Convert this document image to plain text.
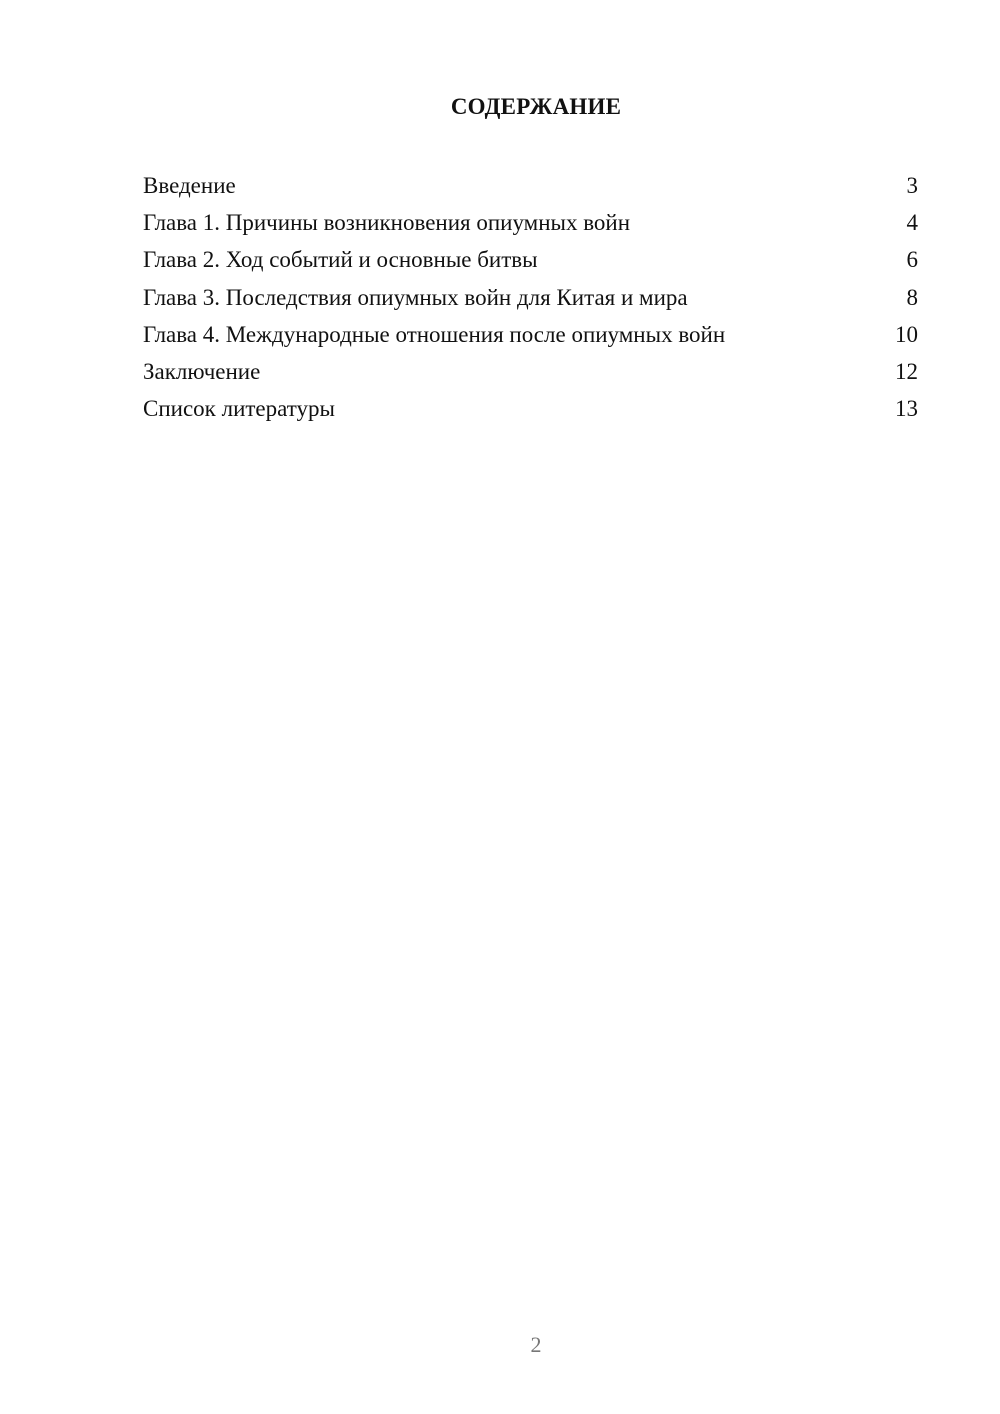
СОДЕРЖАНИЕ
Введение	3
Глава 1. Причины возникновения опиумных войн	4
Глава 2. Ход событий и основные битвы	6
Глава 3. Последствия опиумных войн для Китая и мира	8
Глава 4. Международные отношения после опиумных войн	10
Заключение	12
Список литературы	13
2
